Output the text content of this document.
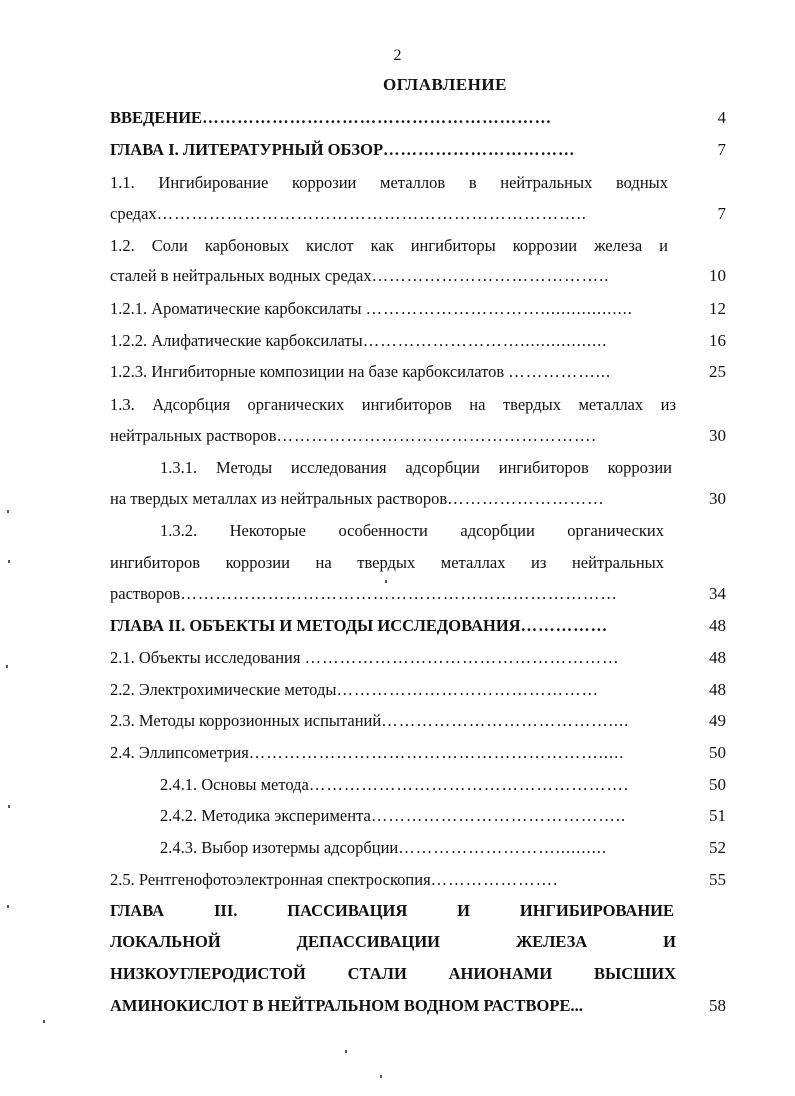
2
ОГЛАВЛЕНИЕ
ВВЕДЕНИЕ……………………………………………………	4
ГЛАВА I. ЛИТЕРАТУРНЫЙ ОБЗОР……………………………	7
1.1. Ингибирование коррозии металлов в нейтральных водных
средах………………………………………………………………..	7
1.2. Соли карбоновых кислот как ингибиторы коррозии железа и
сталей в нейтральных водных средах…………………………………..	10
1.2.1. Ароматические карбоксилаты …………………………..................	12
1.2.2. Алифатические карбоксилаты……………………….................	16
1.2.3. Ингибиторные композиции на базе карбоксилатов ……………...	25
1.3. Адсорбция органических ингибиторов на твердых металлах из
нейтральных растворов……………………………………………….	30
1.3.1. Методы исследования адсорбции ингибиторов коррозии
на твердых металлах из нейтральных растворов………………………	30
1.3.2. Некоторые особенности адсорбции органических
ингибиторов коррозии на твердых металлах из нейтральных
растворов…………………………………………………………………	34
ГЛАВА II. ОБЪЕКТЫ И МЕТОДЫ ИССЛЕДОВАНИЯ……………	48
2.1. Объекты исследования ………………………………………………	48
2.2. Электрохимические методы………………………………………	48
2.3. Методы коррозионных испытаний…………………………………....	49
2.4. Эллипсометрия…………………………………………………….....	50
2.4.1. Основы метода……………………………………………….	50
2.4.2. Методика эксперимента……………………………………..	51
2.4.3. Выбор изотермы адсорбции………………………..........	52
2.5. Рентгенофотоэлектронная спектроскопия………………….	55
ГЛАВА III. ПАССИВАЦИЯ И ИНГИБИРОВАНИЕ
ЛОКАЛЬНОЙ ДЕПАССИВАЦИИ ЖЕЛЕЗА И
НИЗКОУГЛЕРОДИСТОЙ СТАЛИ АНИОНАМИ ВЫСШИХ
АМИНОКИСЛОТ В НЕЙТРАЛЬНОМ ВОДНОМ РАСТВОРЕ...	58
